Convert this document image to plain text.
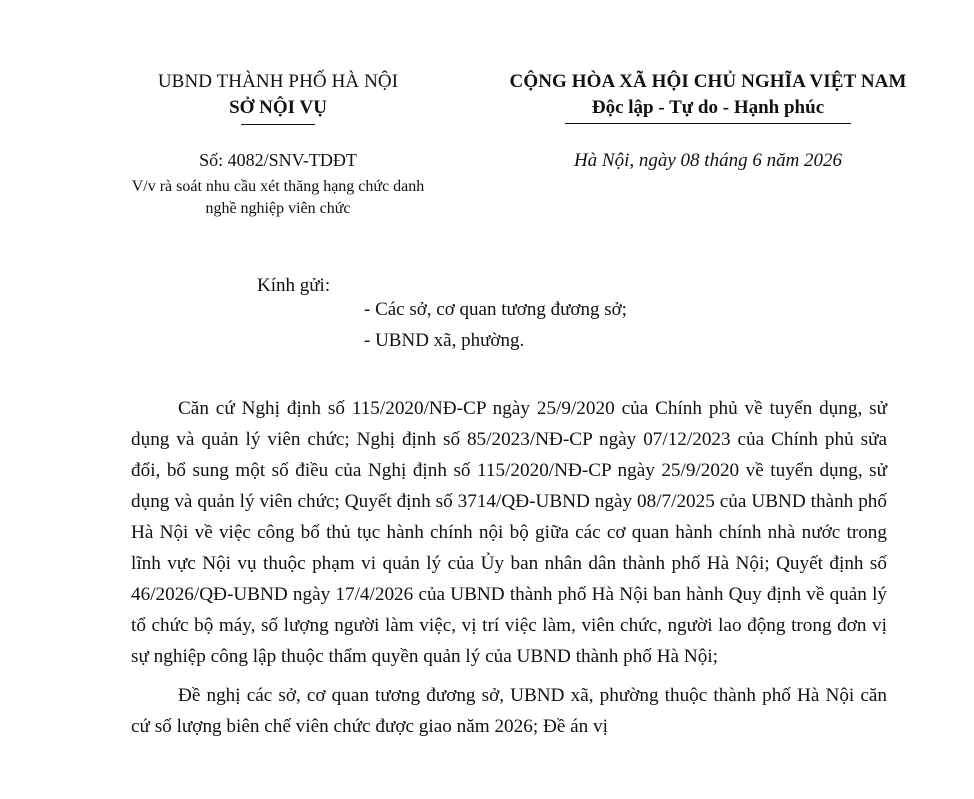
UBND THÀNH PHỐ HÀ NỘI
SỞ NỘI VỤ
CỘNG HÒA XÃ HỘI CHỦ NGHĨA VIỆT NAM
Độc lập - Tự do - Hạnh phúc
Số: 4082/SNV-TDĐT
V/v rà soát nhu cầu xét thăng hạng chức danh
nghề nghiệp viên chức
Hà Nội, ngày 08 tháng 6 năm 2026
Kính gửi:
- Các sở, cơ quan tương đương sở;
- UBND xã, phường.

Căn cứ Nghị định số 115/2020/NĐ-CP ngày 25/9/2020 của Chính phủ về tuyển dụng, sử dụng và quản lý viên chức; Nghị định số 85/2023/NĐ-CP ngày 07/12/2023 của Chính phủ sửa đổi, bổ sung một số điều của Nghị định số 115/2020/NĐ-CP ngày 25/9/2020 về tuyển dụng, sử dụng và quản lý viên chức; Quyết định số 3714/QĐ-UBND ngày 08/7/2025 của UBND thành phố Hà Nội về việc công bố thủ tục hành chính nội bộ giữa các cơ quan hành chính nhà nước trong lĩnh vực Nội vụ thuộc phạm vi quản lý của Ủy ban nhân dân thành phố Hà Nội; Quyết định số 46/2026/QĐ-UBND ngày 17/4/2026 của UBND thành phố Hà Nội ban hành Quy định về quản lý tổ chức bộ máy, số lượng người làm việc, vị trí việc làm, viên chức, người lao động trong đơn vị sự nghiệp công lập thuộc thẩm quyền quản lý của UBND thành phố Hà Nội;

Đề nghị các sở, cơ quan tương đương sở, UBND xã, phường thuộc thành phố Hà Nội căn cứ số lượng biên chế viên chức được giao năm 2026; Đề án vị
